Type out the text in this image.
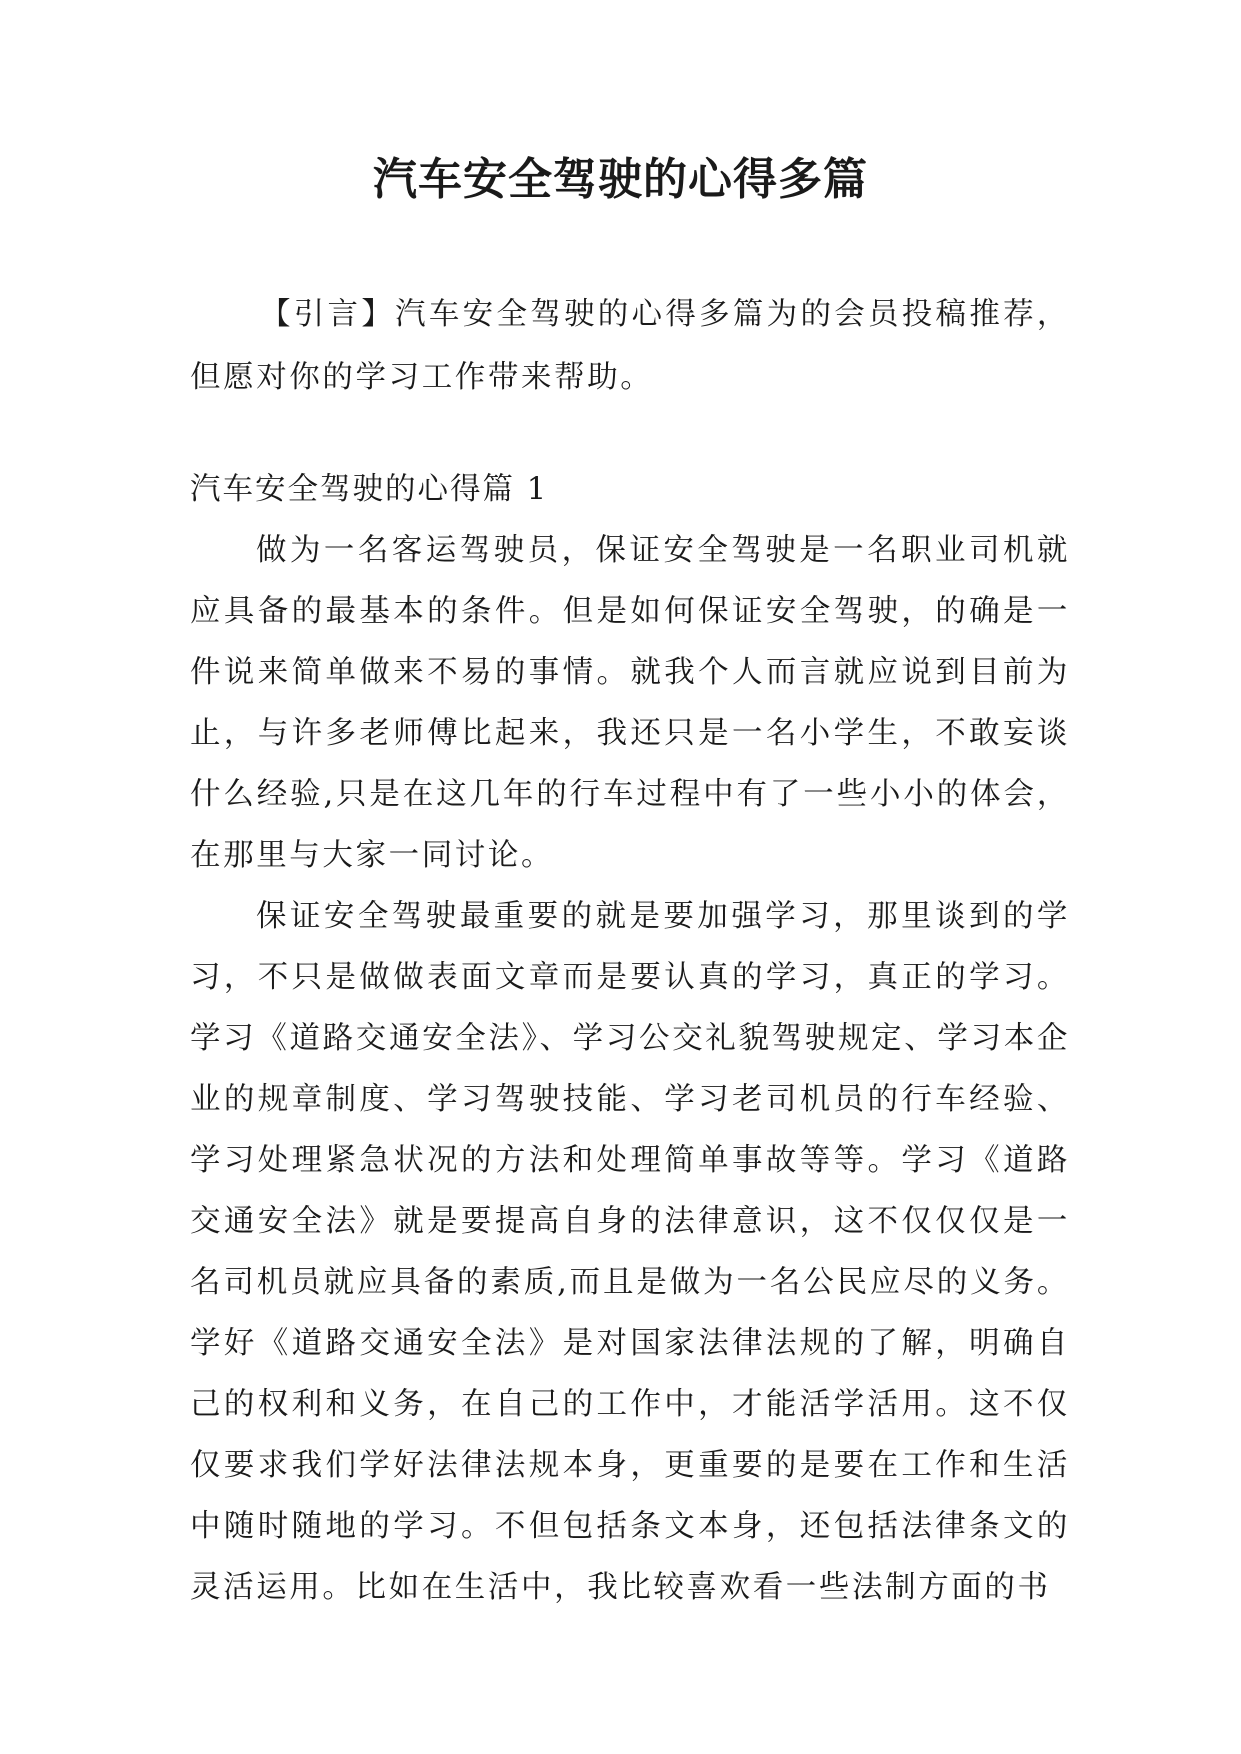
汽车安全驾驶的心得多篇

【引言】汽车安全驾驶的心得多篇为的会员投稿推荐，但愿对你的学习工作带来帮助。

汽车安全驾驶的心得篇 1

做为一名客运驾驶员，保证安全驾驶是一名职业司机就应具备的最基本的条件。但是如何保证安全驾驶，的确是一件说来简单做来不易的事情。就我个人而言就应说到目前为止，与许多老师傅比起来，我还只是一名小学生，不敢妄谈什么经验,只是在这几年的行车过程中有了一些小小的体会，在那里与大家一同讨论。

保证安全驾驶最重要的就是要加强学习，那里谈到的学习，不只是做做表面文章而是要认真的学习，真正的学习。学习《道路交通安全法》、学习公交礼貌驾驶规定、学习本企业的规章制度、学习驾驶技能、学习老司机员的行车经验、学习处理紧急状况的方法和处理简单事故等等。学习《道路交通安全法》就是要提高自身的法律意识，这不仅仅仅是一名司机员就应具备的素质,而且是做为一名公民应尽的义务。学好《道路交通安全法》是对国家法律法规的了解，明确自己的权利和义务，在自己的工作中，才能活学活用。这不仅仅要求我们学好法律法规本身，更重要的是要在工作和生活中随时随地的学习。不但包括条文本身，还包括法律条文的灵活运用。比如在生活中，我比较喜欢看一些法制方面的书
